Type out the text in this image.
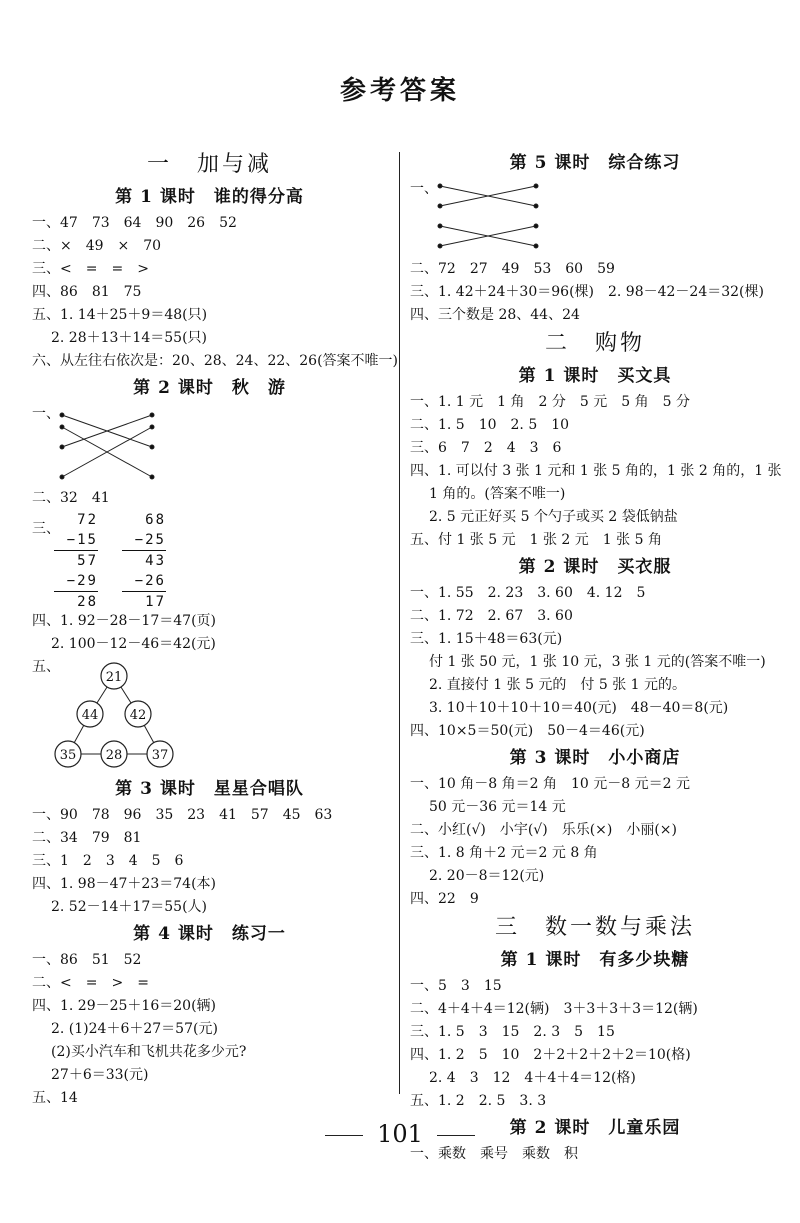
参考答案
一　加与减
第 1 课时　谁的得分高
一、47　73　64　90　26　52
二、×　49　×　70
三、<　=　=　>
四、86　81　75
五、1. 14＋25＋9＝48(只)
2. 28＋13＋14＝55(只)
六、从左往右依次是：20、28、24、22、26(答案不唯一)
第 2 课时　秋　游
一、
二、32　41
三、
72
−15
57
−29
28
68
−25
43
−26
17
四、1. 92－28－17＝47(页)
2. 100－12－46＝42(元)
五、
21
44 42
35 28 37
第 3 课时　星星合唱队
一、90　78　96　35　23　41　57　45　63
二、34　79　81
三、1　2　3　4　5　6
四、1. 98－47＋23＝74(本)
2. 52－14＋17＝55(人)
第 4 课时　练习一
一、86　51　52
二、<　=　>　=
四、1. 29－25＋16＝20(辆)
2. (1)24＋6＋27＝57(元)
(2)买小汽车和飞机共花多少元?
27＋6＝33(元)
五、14
第 5 课时　综合练习
一、
二、72　27　49　53　60　59
三、1. 42＋24＋30＝96(棵)　2. 98－42－24＝32(棵)
四、三个数是 28、44、24
二　购物
第 1 课时　买文具
一、1. 1 元　1 角　2 分　5 元　5 角　5 分
二、1. 5　10　2. 5　10
三、6　7　2　4　3　6
四、1. 可以付 3 张 1 元和 1 张 5 角的，1 张 2 角的，1 张
1 角的。(答案不唯一)
2. 5 元正好买 5 个勺子或买 2 袋低钠盐
五、付 1 张 5 元　1 张 2 元　1 张 5 角
第 2 课时　买衣服
一、1. 55　2. 23　3. 60　4. 12　5
二、1. 72　2. 67　3. 60
三、1. 15＋48＝63(元)
付 1 张 50 元，1 张 10 元，3 张 1 元的(答案不唯一)
2. 直接付 1 张 5 元的　付 5 张 1 元的。
3. 10＋10＋10＋10＝40(元)　48－40＝8(元)
四、10×5＝50(元)　50－4＝46(元)
第 3 课时　小小商店
一、10 角－8 角＝2 角　10 元－8 元＝2 元
50 元－36 元＝14 元
二、小红(√)　小宇(√)　乐乐(×)　小丽(×)
三、1. 8 角＋2 元＝2 元 8 角
2. 20－8＝12(元)
四、22　9
三　数一数与乘法
第 1 课时　有多少块糖
一、5　3　15
二、4＋4＋4＝12(辆)　3＋3＋3＋3＝12(辆)
三、1. 5　3　15　2. 3　5　15
四、1. 2　5　10　2＋2＋2＋2＋2＝10(格)
2. 4　3　12　4＋4＋4＝12(格)
五、1. 2　2. 5　3. 3
第 2 课时　儿童乐园
一、乘数　乘号　乘数　积
101
